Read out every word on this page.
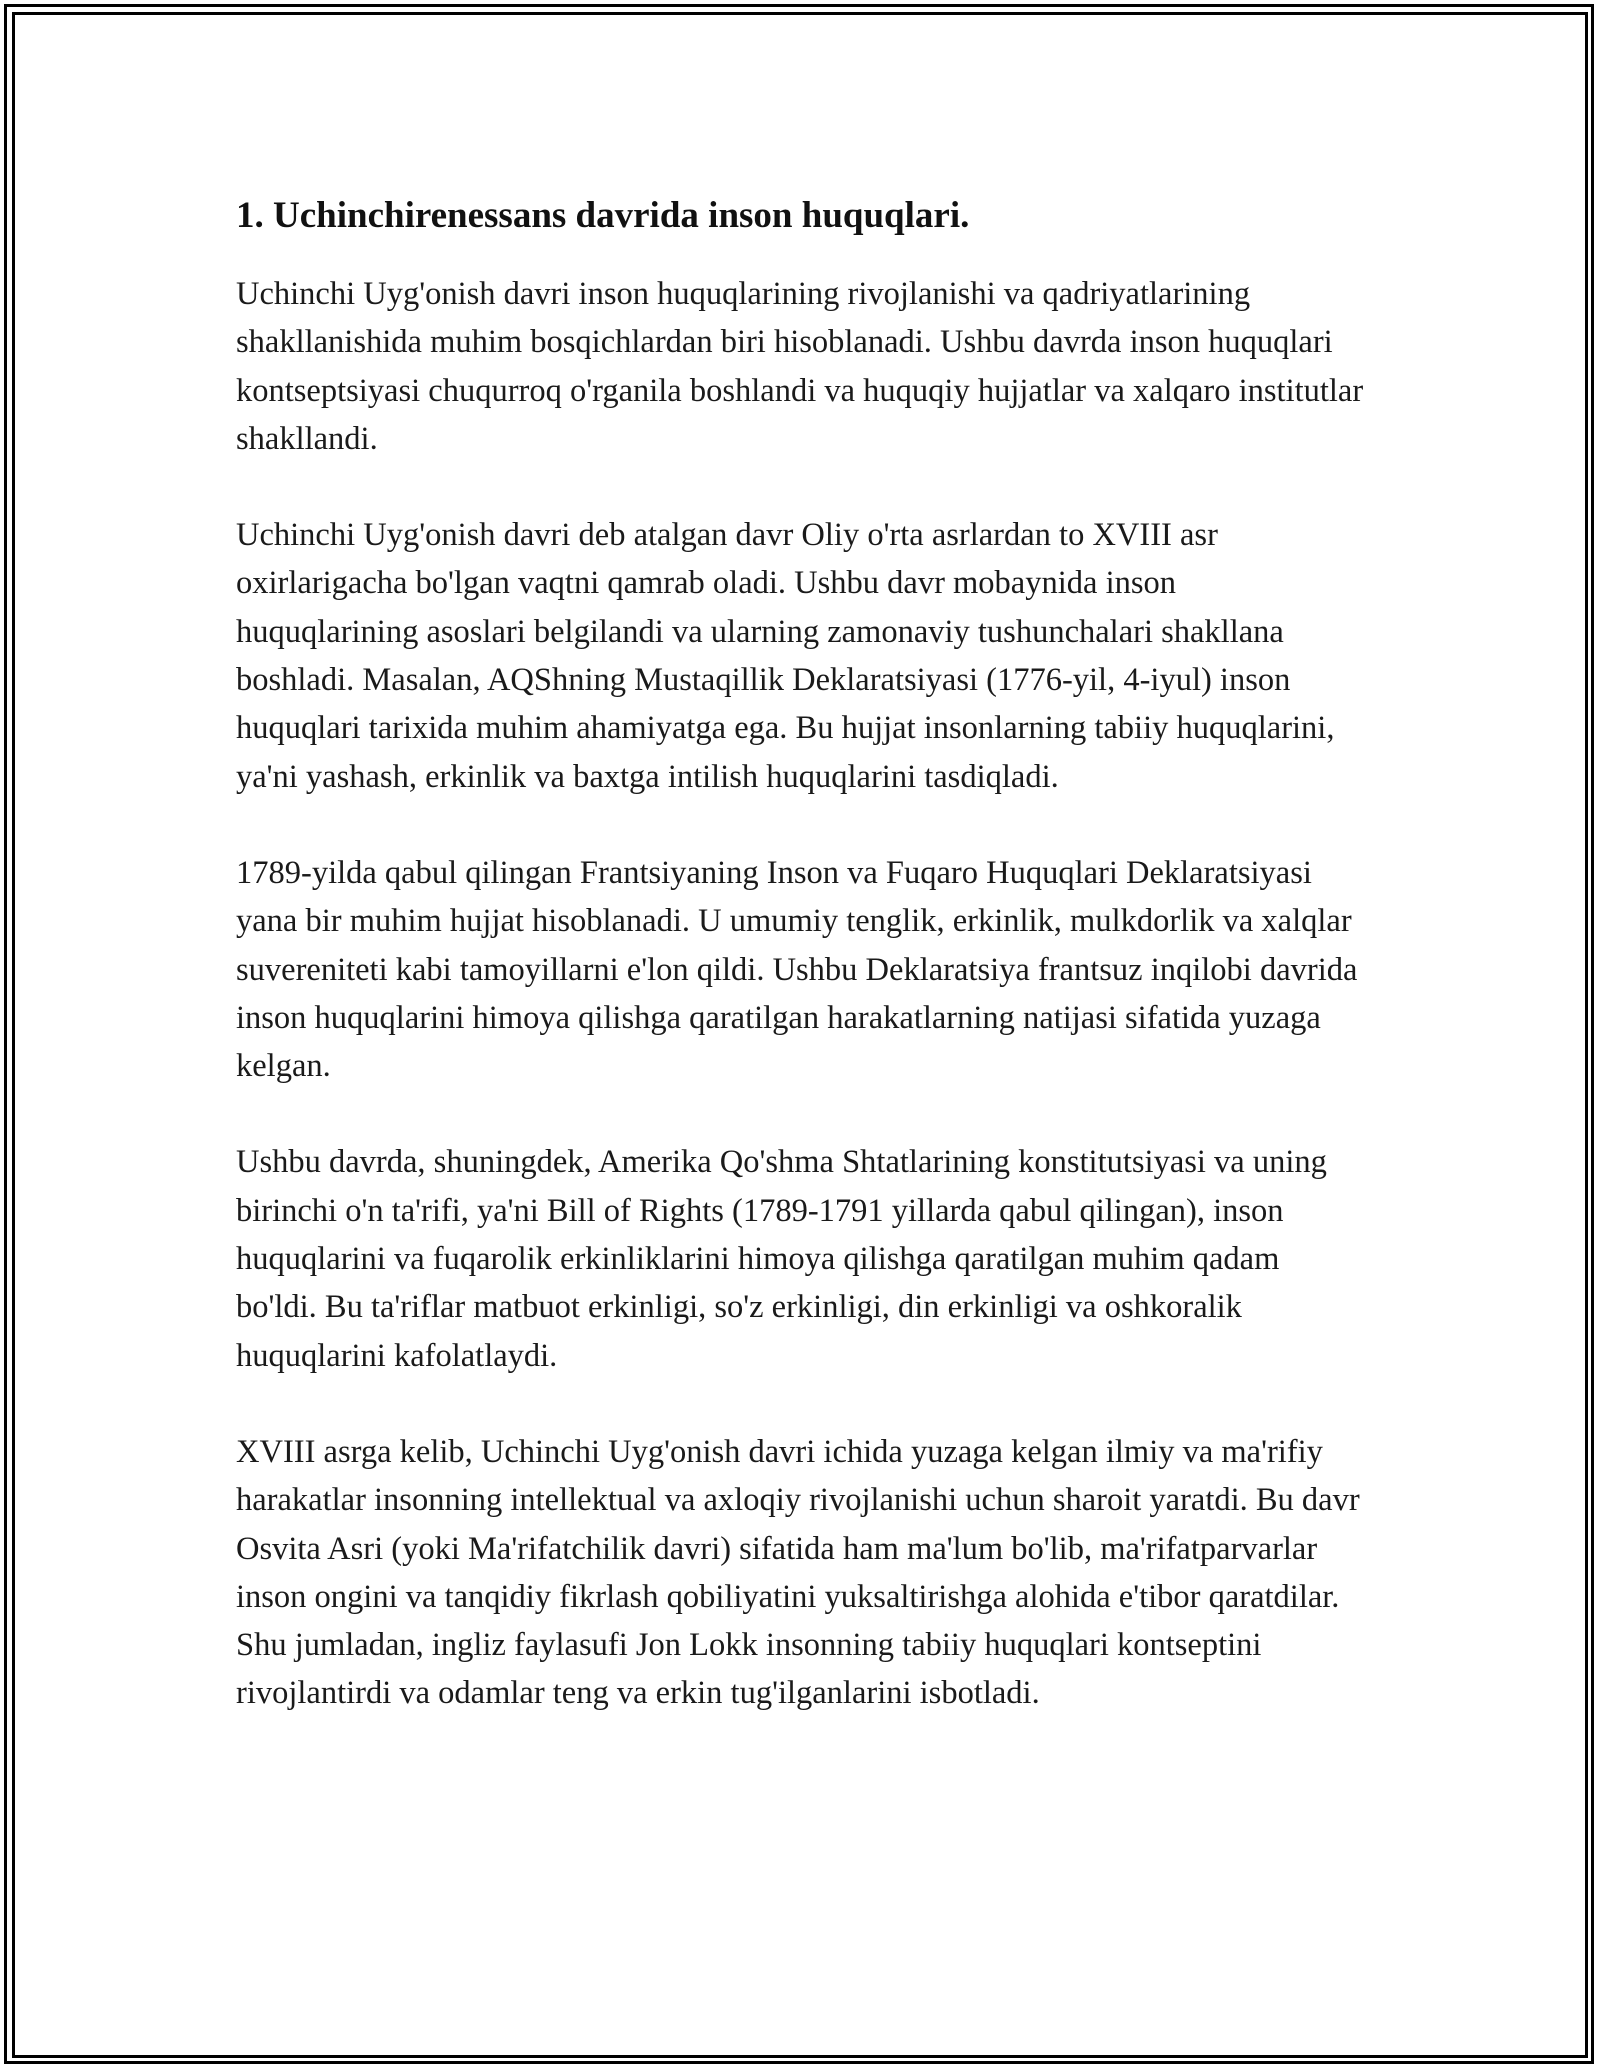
1. Uchinchirenessans davrida inson huquqlari.

Uchinchi Uyg'onish davri inson huquqlarining rivojlanishi va qadriyatlarining shakllanishida muhim bosqichlardan biri hisoblanadi. Ushbu davrda inson huquqlari kontseptsiyasi chuqurroq o'rganila boshlandi va huquqiy hujjatlar va xalqaro institutlar shakllandi.

Uchinchi Uyg'onish davri deb atalgan davr Oliy o'rta asrlardan to XVIII asr oxirlarigacha bo'lgan vaqtni qamrab oladi. Ushbu davr mobaynida inson huquqlarining asoslari belgilandi va ularning zamonaviy tushunchalari shakllana boshladi. Masalan, AQShning Mustaqillik Deklaratsiyasi (1776-yil, 4-iyul) inson huquqlari tarixida muhim ahamiyatga ega. Bu hujjat insonlarning tabiiy huquqlarini, ya'ni yashash, erkinlik va baxtga intilish huquqlarini tasdiqladi.

1789-yilda qabul qilingan Frantsiyaning Inson va Fuqaro Huquqlari Deklaratsiyasi yana bir muhim hujjat hisoblanadi. U umumiy tenglik, erkinlik, mulkdorlik va xalqlar suvereniteti kabi tamoyillarni e'lon qildi. Ushbu Deklaratsiya frantsuz inqilobi davrida inson huquqlarini himoya qilishga qaratilgan harakatlarning natijasi sifatida yuzaga kelgan.

Ushbu davrda, shuningdek, Amerika Qo'shma Shtatlarining konstitutsiyasi va uning birinchi o'n ta'rifi, ya'ni Bill of Rights (1789-1791 yillarda qabul qilingan), inson huquqlarini va fuqarolik erkinliklarini himoya qilishga qaratilgan muhim qadam bo'ldi. Bu ta'riflar matbuot erkinligi, so'z erkinligi, din erkinligi va oshkoralik huquqlarini kafolatlaydi.

XVIII asrga kelib, Uchinchi Uyg'onish davri ichida yuzaga kelgan ilmiy va ma'rifiy harakatlar insonning intellektual va axloqiy rivojlanishi uchun sharoit yaratdi. Bu davr Osvita Asri (yoki Ma'rifatchilik davri) sifatida ham ma'lum bo'lib, ma'rifatparvarlar inson ongini va tanqidiy fikrlash qobiliyatini yuksaltirishga alohida e'tibor qaratdilar. Shu jumladan, ingliz faylasufi Jon Lokk insonning tabiiy huquqlari kontseptini rivojlantirdi va odamlar teng va erkin tug'ilganlarini isbotladi.
